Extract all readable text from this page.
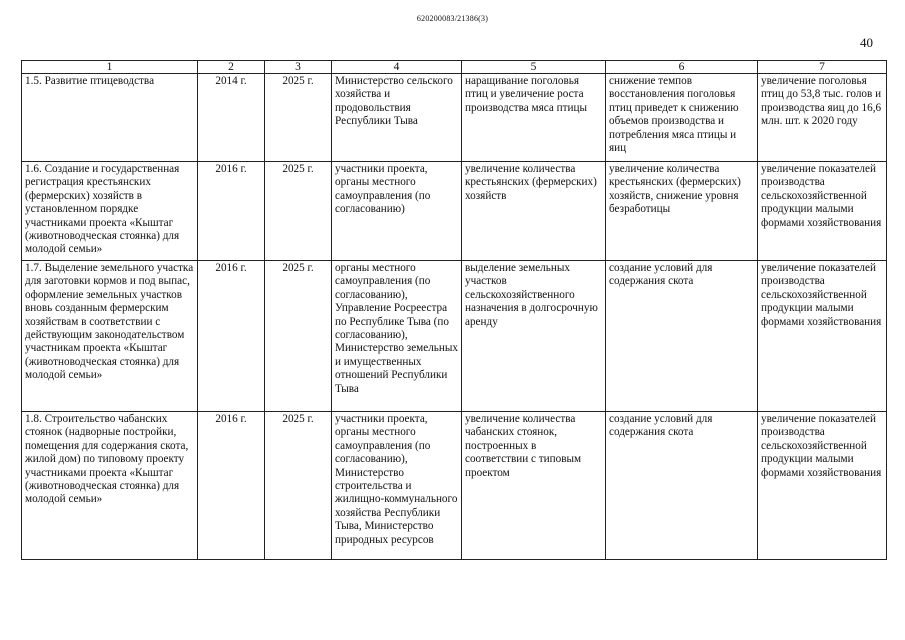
620200083/21386(3)
40
1	2	3	4	5	6	7
1.5. Развитие птицеводства	2014 г.	2025 г.	Министерство сельского хозяйства и продовольствия Республики Тыва	наращивание поголовья птиц и увеличение роста производства мяса птицы	снижение темпов восстановления поголовья птиц приведет к снижению объемов производства и потребления мяса птицы и яиц	увеличение поголовья птиц до 53,8 тыс. голов и производства яиц до 16,6 млн. шт. к 2020 году
1.6. Создание и государственная регистрация крестьянских (фермерских) хозяйств в установленном порядке участниками проекта «Кыштаг (животноводческая стоянка) для молодой семьи»	2016 г.	2025 г.	участники проекта, органы местного самоуправления (по согласованию)	увеличение количества крестьянских (фермерских) хозяйств	увеличение количества крестьянских (фермерских) хозяйств, снижение уровня безработицы	увеличение показателей производства сельскохозяйственной продукции малыми формами хозяйствования
1.7. Выделение земельного участка для заготовки кормов и под выпас, оформление земельных участков вновь созданным фермерским хозяйствам в соответствии с действующим законодательством участникам проекта «Кыштаг (животноводческая стоянка) для молодой семьи»	2016 г.	2025 г.	органы местного самоуправления (по согласованию), Управление Росреестра по Республике Тыва (по согласованию), Министерство земельных и имущественных отношений Республики Тыва	выделение земельных участков сельскохозяйственного назначения в долгосрочную аренду	создание условий для содержания скота	увеличение показателей производства сельскохозяйственной продукции малыми формами хозяйствования
1.8. Строительство чабанских стоянок (надворные постройки, помещения для содержания скота, жилой дом) по типовому проекту участниками проекта «Кыштаг (животноводческая стоянка) для молодой семьи»	2016 г.	2025 г.	участники проекта, органы местного самоуправления (по согласованию), Министерство строительства и жилищно-коммунального хозяйства Республики Тыва, Министерство природных ресурсов	увеличение количества чабанских стоянок, построенных в соответствии с типовым проектом	создание условий для содержания скота	увеличение показателей производства сельскохозяйственной продукции малыми формами хозяйствования
